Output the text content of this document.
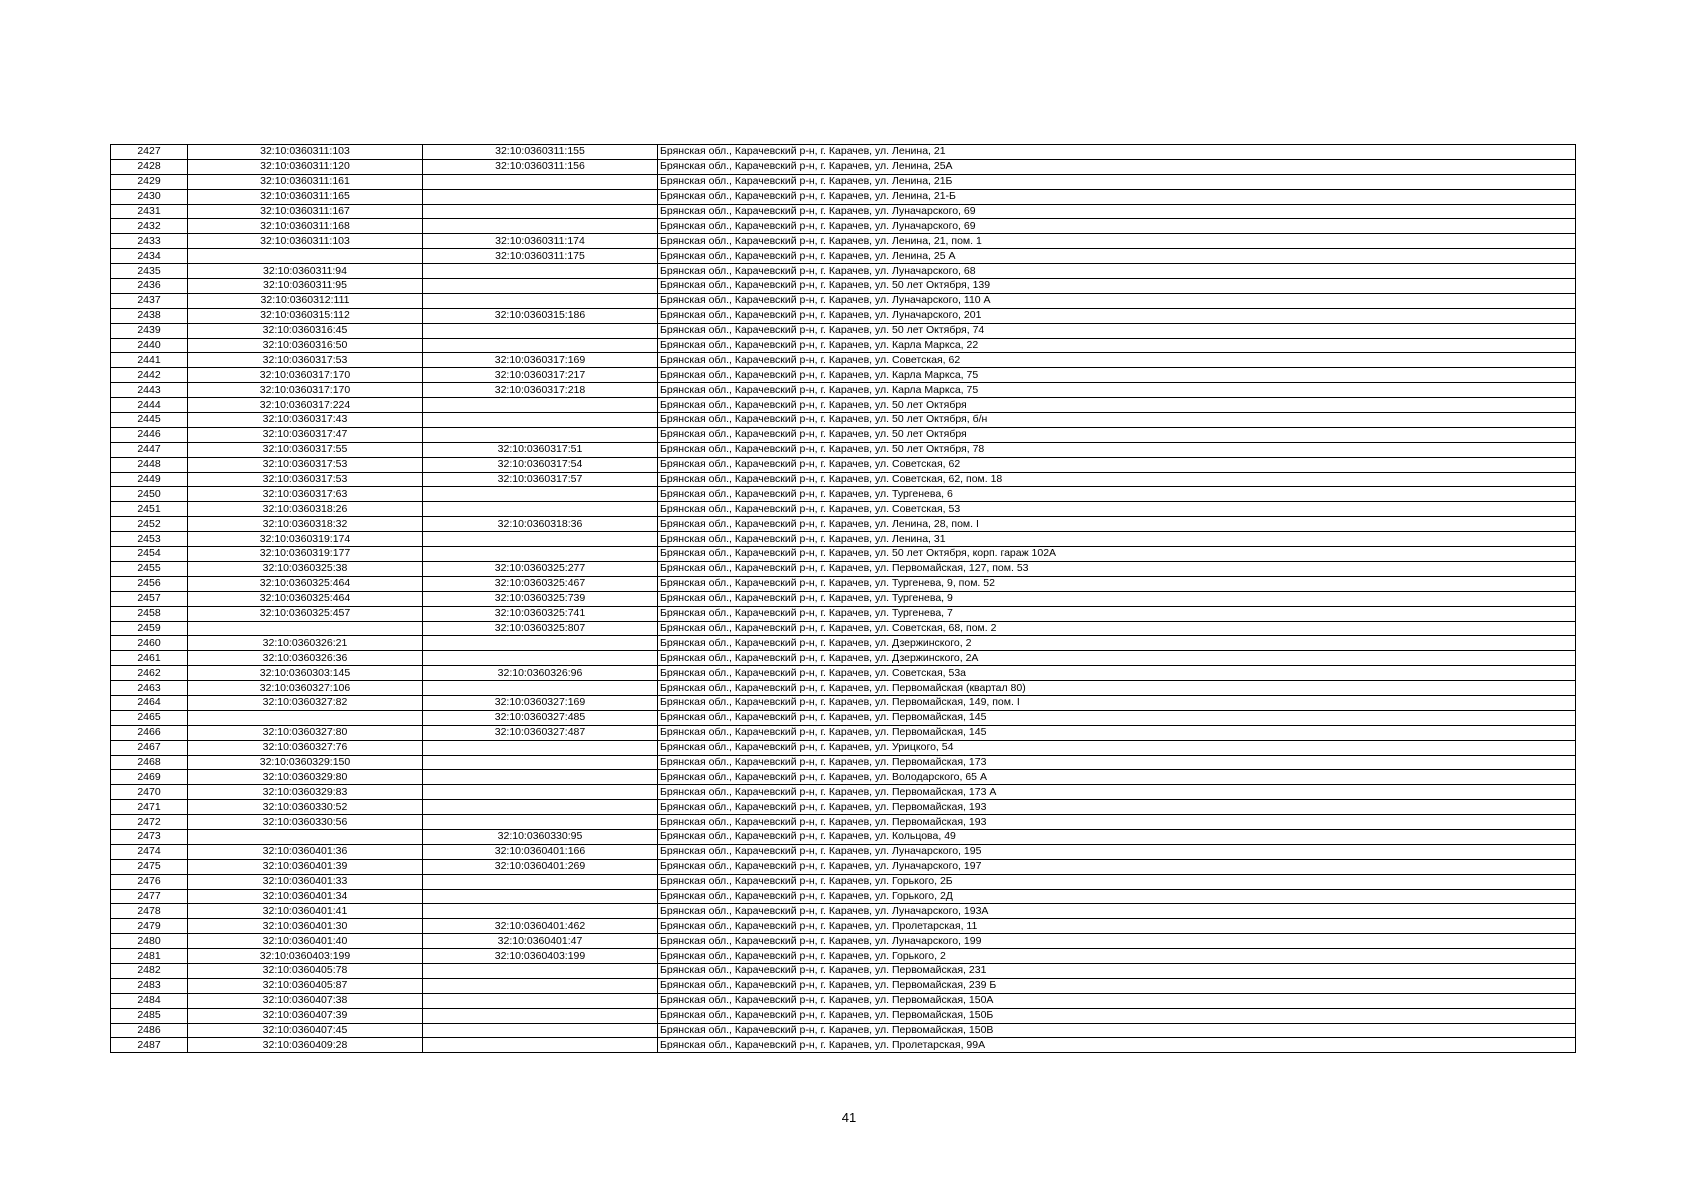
2427	32:10:0360311:103	32:10:0360311:155	Брянская обл., Карачевский р-н, г. Карачев, ул. Ленина, 21
2428	32:10:0360311:120	32:10:0360311:156	Брянская обл., Карачевский р-н, г. Карачев, ул. Ленина, 25А
2429	32:10:0360311:161		Брянская обл., Карачевский р-н, г. Карачев, ул. Ленина, 21Б
2430	32:10:0360311:165		Брянская обл., Карачевский р-н, г. Карачев, ул. Ленина, 21-Б
2431	32:10:0360311:167		Брянская обл., Карачевский р-н, г. Карачев, ул. Луначарского, 69
2432	32:10:0360311:168		Брянская обл., Карачевский р-н, г. Карачев, ул. Луначарского, 69
2433	32:10:0360311:103	32:10:0360311:174	Брянская обл., Карачевский р-н, г. Карачев, ул. Ленина, 21, пом. 1
2434		32:10:0360311:175	Брянская обл., Карачевский р-н, г. Карачев, ул. Ленина, 25 А
2435	32:10:0360311:94		Брянская обл., Карачевский р-н, г. Карачев, ул. Луначарского, 68
2436	32:10:0360311:95		Брянская обл., Карачевский р-н, г. Карачев, ул. 50 лет Октября, 139
2437	32:10:0360312:111		Брянская обл., Карачевский р-н, г. Карачев, ул. Луначарского, 110 А
2438	32:10:0360315:112	32:10:0360315:186	Брянская обл., Карачевский р-н, г. Карачев, ул. Луначарского, 201
2439	32:10:0360316:45		Брянская обл., Карачевский р-н, г. Карачев, ул. 50 лет Октября, 74
2440	32:10:0360316:50		Брянская обл., Карачевский р-н, г. Карачев, ул. Карла Маркса, 22
2441	32:10:0360317:53	32:10:0360317:169	Брянская обл., Карачевский р-н, г. Карачев, ул. Советская, 62
2442	32:10:0360317:170	32:10:0360317:217	Брянская обл., Карачевский р-н, г. Карачев, ул. Карла Маркса, 75
2443	32:10:0360317:170	32:10:0360317:218	Брянская обл., Карачевский р-н, г. Карачев, ул. Карла Маркса, 75
2444	32:10:0360317:224		Брянская обл., Карачевский р-н, г. Карачев, ул. 50 лет Октября
2445	32:10:0360317:43		Брянская обл., Карачевский р-н, г. Карачев, ул. 50 лет Октября, б/н
2446	32:10:0360317:47		Брянская обл., Карачевский р-н, г. Карачев, ул. 50 лет Октября
2447	32:10:0360317:55	32:10:0360317:51	Брянская обл., Карачевский р-н, г. Карачев, ул. 50 лет Октября, 78
2448	32:10:0360317:53	32:10:0360317:54	Брянская обл., Карачевский р-н, г. Карачев, ул. Советская, 62
2449	32:10:0360317:53	32:10:0360317:57	Брянская обл., Карачевский р-н, г. Карачев, ул. Советская, 62, пом. 18
2450	32:10:0360317:63		Брянская обл., Карачевский р-н, г. Карачев, ул. Тургенева, 6
2451	32:10:0360318:26		Брянская обл., Карачевский р-н, г. Карачев, ул. Советская, 53
2452	32:10:0360318:32	32:10:0360318:36	Брянская обл., Карачевский р-н, г. Карачев, ул. Ленина, 28, пом. I
2453	32:10:0360319:174		Брянская обл., Карачевский р-н, г. Карачев, ул. Ленина, 31
2454	32:10:0360319:177		Брянская обл., Карачевский р-н, г. Карачев, ул. 50 лет Октября, корп. гараж 102А
2455	32:10:0360325:38	32:10:0360325:277	Брянская обл., Карачевский р-н, г. Карачев, ул. Первомайская, 127, пом. 53
2456	32:10:0360325:464	32:10:0360325:467	Брянская обл., Карачевский р-н, г. Карачев, ул. Тургенева, 9, пом. 52
2457	32:10:0360325:464	32:10:0360325:739	Брянская обл., Карачевский р-н, г. Карачев, ул. Тургенева, 9
2458	32:10:0360325:457	32:10:0360325:741	Брянская обл., Карачевский р-н, г. Карачев, ул. Тургенева, 7
2459		32:10:0360325:807	Брянская обл., Карачевский р-н, г. Карачев, ул. Советская, 68, пом. 2
2460	32:10:0360326:21		Брянская обл., Карачевский р-н, г. Карачев, ул. Дзержинского, 2
2461	32:10:0360326:36		Брянская обл., Карачевский р-н, г. Карачев, ул. Дзержинского, 2А
2462	32:10:0360303:145	32:10:0360326:96	Брянская обл., Карачевский р-н, г. Карачев, ул. Советская, 53а
2463	32:10:0360327:106		Брянская обл., Карачевский р-н, г. Карачев, ул. Первомайская (квартал 80)
2464	32:10:0360327:82	32:10:0360327:169	Брянская обл., Карачевский р-н, г. Карачев, ул. Первомайская, 149, пом. I
2465		32:10:0360327:485	Брянская обл., Карачевский р-н, г. Карачев, ул. Первомайская, 145
2466	32:10:0360327:80	32:10:0360327:487	Брянская обл., Карачевский р-н, г. Карачев, ул. Первомайская, 145
2467	32:10:0360327:76		Брянская обл., Карачевский р-н, г. Карачев, ул. Урицкого, 54
2468	32:10:0360329:150		Брянская обл., Карачевский р-н, г. Карачев, ул. Первомайская, 173
2469	32:10:0360329:80		Брянская обл., Карачевский р-н, г. Карачев, ул. Володарского, 65 А
2470	32:10:0360329:83		Брянская обл., Карачевский р-н, г. Карачев, ул. Первомайская, 173 А
2471	32:10:0360330:52		Брянская обл., Карачевский р-н, г. Карачев, ул. Первомайская, 193
2472	32:10:0360330:56		Брянская обл., Карачевский р-н, г. Карачев, ул. Первомайская, 193
2473		32:10:0360330:95	Брянская обл., Карачевский р-н, г. Карачев, ул. Кольцова, 49
2474	32:10:0360401:36	32:10:0360401:166	Брянская обл., Карачевский р-н, г. Карачев, ул. Луначарского, 195
2475	32:10:0360401:39	32:10:0360401:269	Брянская обл., Карачевский р-н, г. Карачев, ул. Луначарского, 197
2476	32:10:0360401:33		Брянская обл., Карачевский р-н, г. Карачев, ул. Горького, 2Б
2477	32:10:0360401:34		Брянская обл., Карачевский р-н, г. Карачев, ул. Горького, 2Д
2478	32:10:0360401:41		Брянская обл., Карачевский р-н, г. Карачев, ул. Луначарского, 193А
2479	32:10:0360401:30	32:10:0360401:462	Брянская обл., Карачевский р-н, г. Карачев, ул. Пролетарская, 11
2480	32:10:0360401:40	32:10:0360401:47	Брянская обл., Карачевский р-н, г. Карачев, ул. Луначарского, 199
2481	32:10:0360403:199	32:10:0360403:199	Брянская обл., Карачевский р-н, г. Карачев, ул. Горького, 2
2482	32:10:0360405:78		Брянская обл., Карачевский р-н, г. Карачев, ул. Первомайская, 231
2483	32:10:0360405:87		Брянская обл., Карачевский р-н, г. Карачев, ул. Первомайская, 239 Б
2484	32:10:0360407:38		Брянская обл., Карачевский р-н, г. Карачев, ул. Первомайская, 150А
2485	32:10:0360407:39		Брянская обл., Карачевский р-н, г. Карачев, ул. Первомайская, 150Б
2486	32:10:0360407:45		Брянская обл., Карачевский р-н, г. Карачев, ул. Первомайская, 150В
2487	32:10:0360409:28		Брянская обл., Карачевский р-н, г. Карачев, ул. Пролетарская, 99А
41
